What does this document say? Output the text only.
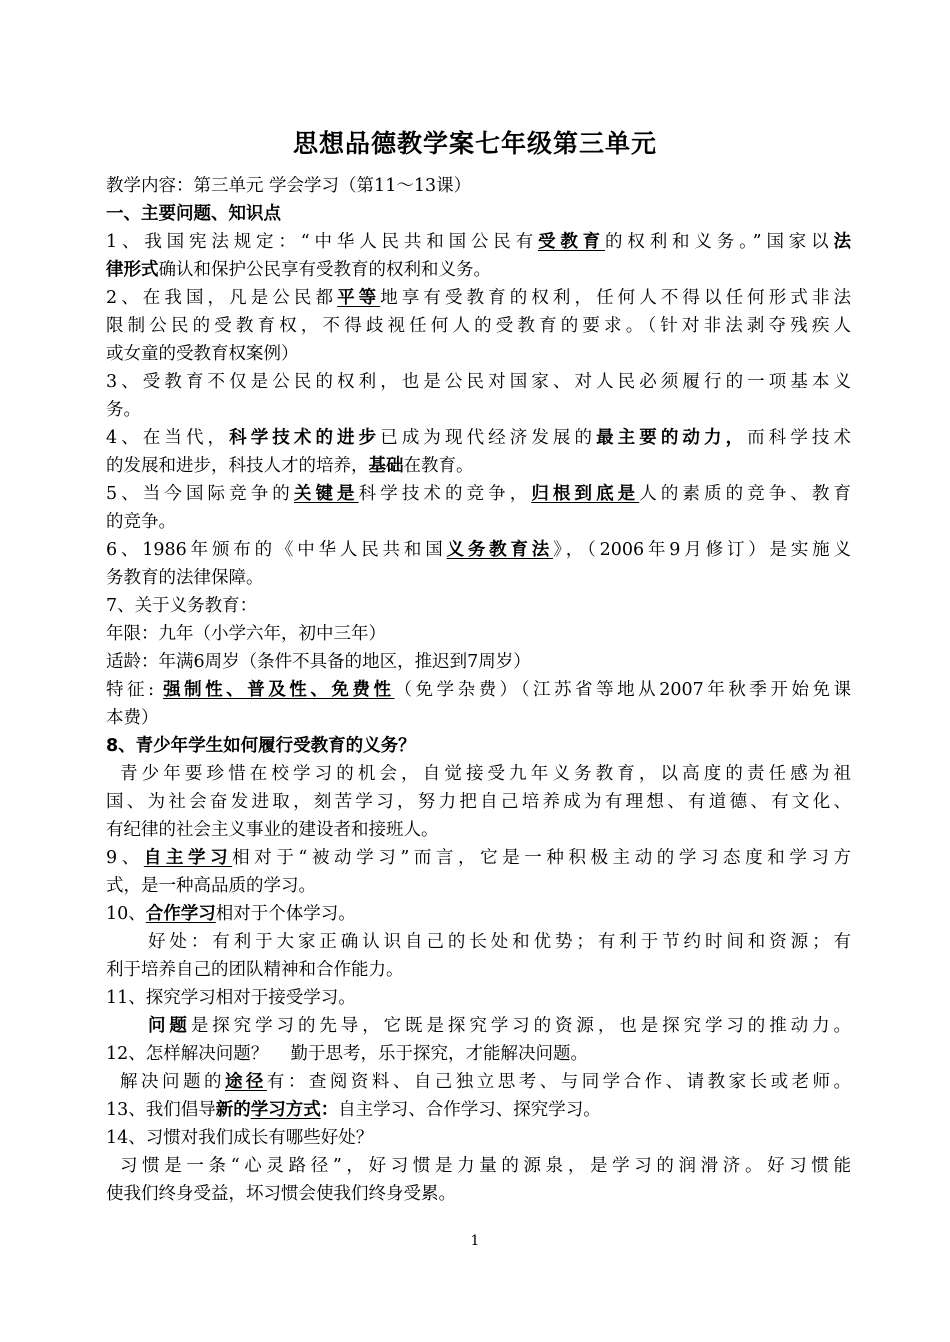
思想品德教学案七年级第三单元
教学内容：第三单元 学会学习（第11～13课）
一、主要问题、知识点
1、我国宪法规定：“中华人民共和国公民有受教育的权利和义务。”国家以法
律形式确认和保护公民享有受教育的权利和义务。
2、在我国，凡是公民都平等地享有受教育的权利，任何人不得以任何形式非法
限制公民的受教育权，不得歧视任何人的受教育的要求。（针对非法剥夺残疾人
或女童的受教育权案例）
3、受教育不仅是公民的权利，也是公民对国家、对人民必须履行的一项基本义
务。
4、在当代，科学技术的进步已成为现代经济发展的最主要的动力，而科学技术
的发展和进步，科技人才的培养，基础在教育。
5、当今国际竞争的关键是科学技术的竞争，归根到底是人的素质的竞争、教育
的竞争。
6、1986年颁布的《中华人民共和国义务教育法》，（2006年9月修订）是实施义
务教育的法律保障。
7、关于义务教育：
年限：九年（小学六年，初中三年）
适龄：年满6周岁（条件不具备的地区，推迟到7周岁）
特征: 强制性、普及性、免费性（免学杂费）（江苏省等地从2007年秋季开始免课
本费）
8、青少年学生如何履行受教育的义务？
青少年要珍惜在校学习的机会，自觉接受九年义务教育，以高度的责任感为祖
国、为社会奋发进取，刻苦学习，努力把自己培养成为有理想、有道德、有文化、
有纪律的社会主义事业的建设者和接班人。
9、自主学习相对于“被动学习”而言，它是一种积极主动的学习态度和学习方
式，是一种高品质的学习。
10、合作学习相对于个体学习。
好处：有利于大家正确认识自己的长处和优势；有利于节约时间和资源；有
利于培养自己的团队精神和合作能力。
11、探究学习相对于接受学习。
问题是探究学习的先导，它既是探究学习的资源，也是探究学习的推动力。
12、怎样解决问题？    勤于思考，乐于探究，才能解决问题。
解决问题的途径有：查阅资料、自己独立思考、与同学合作、请教家长或老师。
13、我们倡导新的学习方式：自主学习、合作学习、探究学习。
14、习惯对我们成长有哪些好处？
习惯是一条“心灵路径”，好习惯是力量的源泉，是学习的润滑济。好习惯能
使我们终身受益，坏习惯会使我们终身受累。
1
